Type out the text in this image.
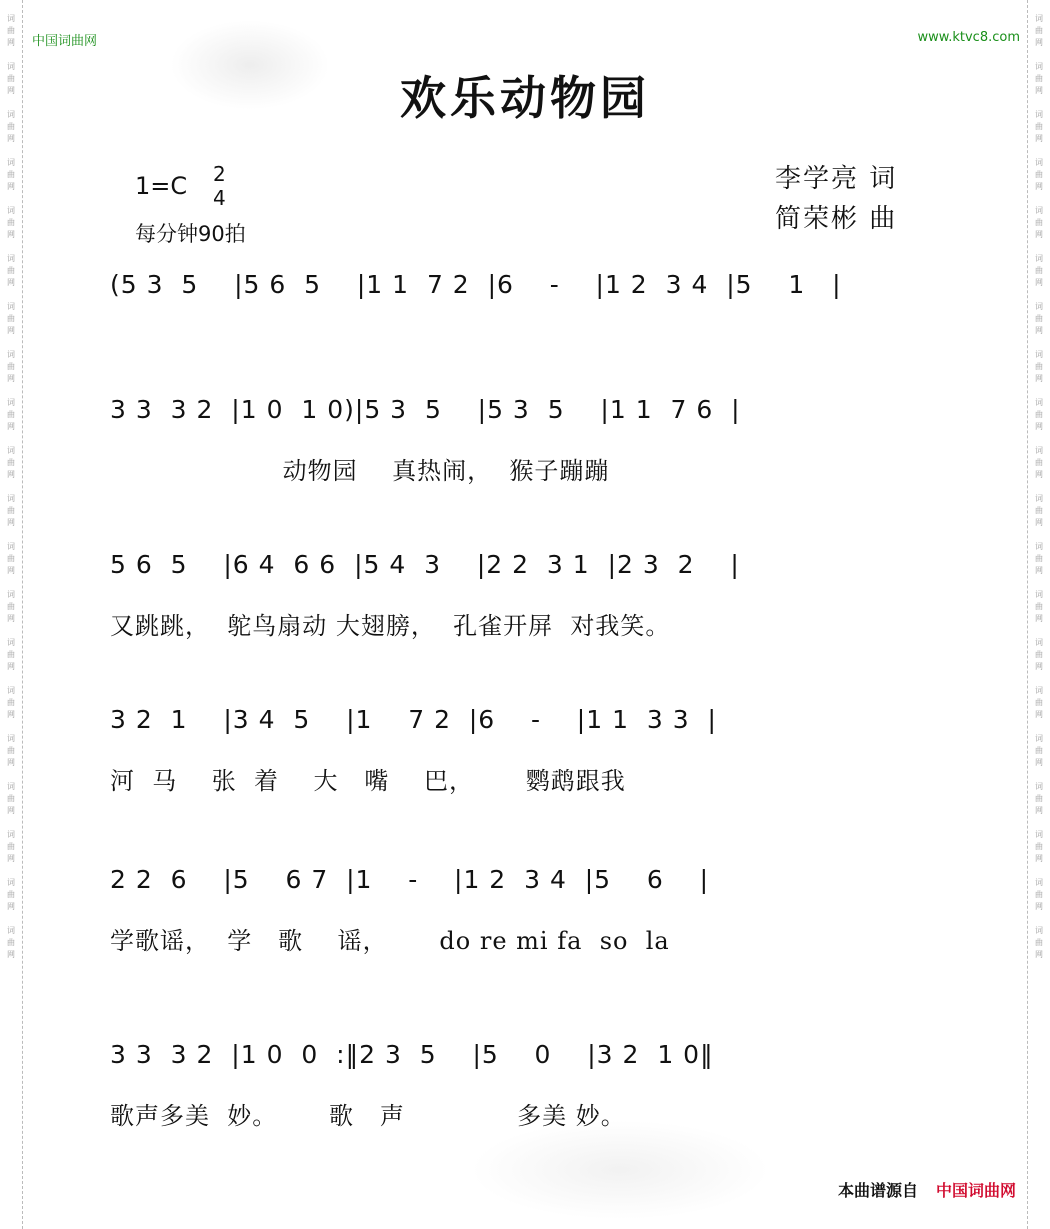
词
曲
网
词
曲
网
词
曲
网
词
曲
网
词
曲
网
词
曲
网
词
曲
网
词
曲
网
词
曲
网
词
曲
网
词
曲
网
词
曲
网
词
曲
网
词
曲
网
词
曲
网
词
曲
网
词
曲
网
词
曲
网
词
曲
网
词
曲
网
词
曲
网
词
曲
网
词
曲
网
词
曲
网
词
曲
网
词
曲
网
词
曲
网
词
曲
网
词
曲
网
词
曲
网
词
曲
网
词
曲
网
词
曲
网
词
曲
网
词
曲
网
词
曲
网
词
曲
网
词
曲
网
词
曲
网
词
曲
网
中国词曲网	www.ktvc8.com
欢乐动物园
1=C 2
4
每分钟90拍
李学亮 词
简荣彬 曲
(5 3  5    |5 6  5    |1 1  7 2  |6    -    |1 2  3 4  |5    1   |
3 3  3 2  |1 0  1 0)|5 3  5    |5 3  5    |1 1  7 6  |
动物园    真热闹，  猴子蹦蹦
5 6  5    |6 4  6 6  |5 4  3    |2 2  3 1  |2 3  2    |
又跳跳，  鸵鸟扇动 大翅膀，  孔雀开屏  对我笑。
3 2  1    |3 4  5    |1    7 2  |6    -    |1 1  3 3  |
河  马    张  着    大   嘴    巴，      鹦鹉跟我
2 2  6    |5    6 7  |1    -    |1 2  3 4  |5    6    |
学歌谣，  学   歌    谣，      do re mi fa  so  la
3 3  3 2  |1 0  0  :‖2 3  5    |5    0    |3 2  1 0‖
歌声多美  妙。      歌   声             多美 妙。
本曲谱源自 中国词曲网
